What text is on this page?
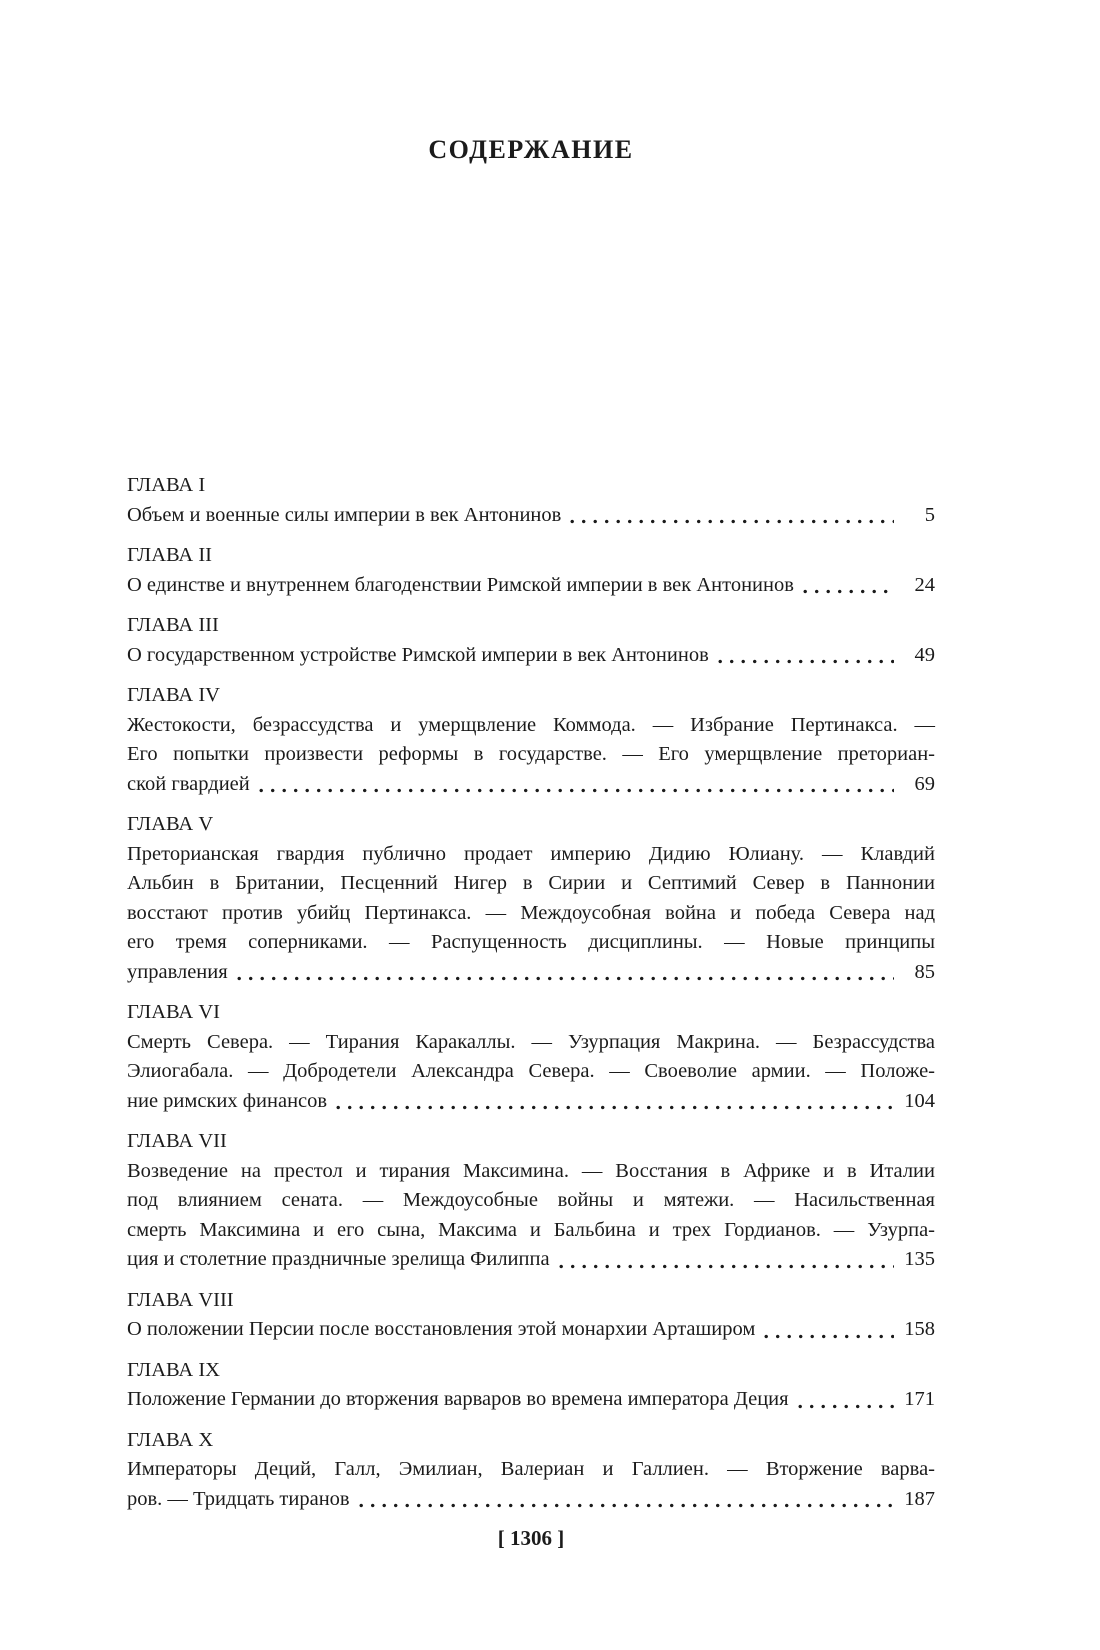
СОДЕРЖАНИЕ
ГЛАВА I
Объем и военные силы империи в век Антонинов	5
ГЛАВА II
О единстве и внутреннем благоденствии Римской империи в век Антонинов	24
ГЛАВА III
О государственном устройстве Римской империи в век Антонинов	49
ГЛАВА IV
Жестокости, безрассудства и умерщвление Коммода. — Избрание Пертинакса. —
Его попытки произвести реформы в государстве. — Его умерщвление преториан-
ской гвардией	69
ГЛАВА V
Преторианская гвардия публично продает империю Дидию Юлиану. — Клавдий
Альбин в Британии, Песценний Нигер в Сирии и Септимий Север в Паннонии
восстают против убийц Пертинакса. — Междоусобная война и победа Севера над
его тремя соперниками. — Распущенность дисциплины. — Новые принципы
управления	85
ГЛАВА VI
Смерть Севера. — Тирания Каракаллы. — Узурпация Макрина. — Безрассудства
Элиогабала. — Добродетели Александра Севера. — Своеволие армии. — Положе-
ние римских финансов	104
ГЛАВА VII
Возведение на престол и тирания Максимина. — Восстания в Африке и в Италии
под влиянием сената. — Междоусобные войны и мятежи. — Насильственная
смерть Максимина и его сына, Максима и Бальбина и трех Гордианов. — Узурпа-
ция и столетние праздничные зрелища Филиппа	135
ГЛАВА VIII
О положении Персии после восстановления этой монархии Арташиром	158
ГЛАВА IX
Положение Германии до вторжения варваров во времена императора Деция	171
ГЛАВА X
Императоры Деций, Галл, Эмилиан, Валериан и Галлиен. — Вторжение варва-
ров. — Тридцать тиранов	187
[ 1306 ]
